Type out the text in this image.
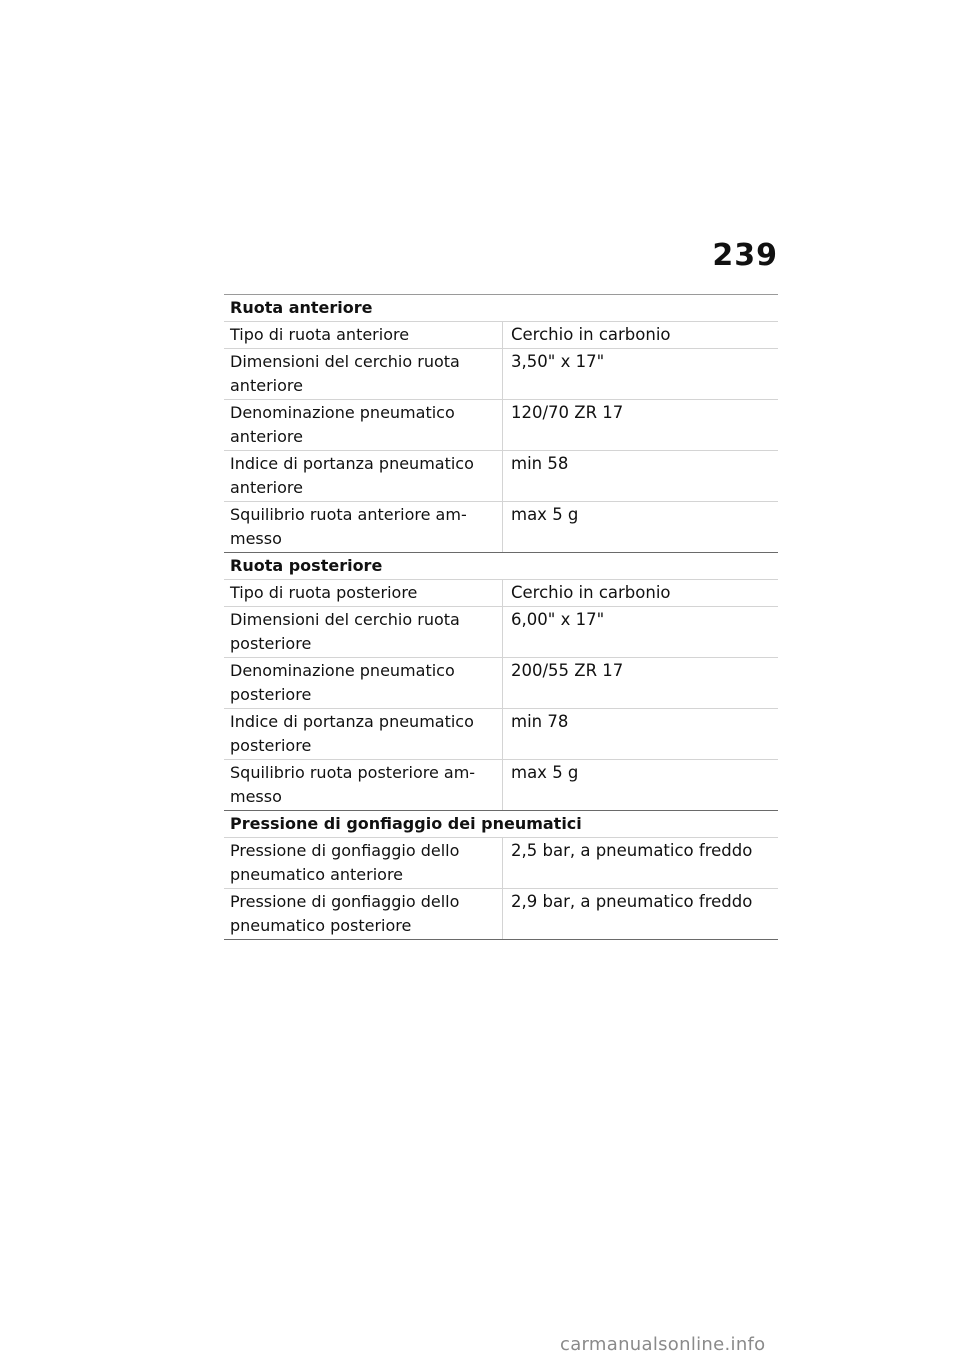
239
Ruota anteriore
Tipo di ruota anteriore	Cerchio in carbonio
Dimensioni del cerchio ruota anteriore
3,50" x 17"
Denominazione pneumatico anteriore
120/70 ZR 17
Indice di portanza pneumatico anteriore
min 58
Squilibrio ruota anteriore am-messo
max 5 g
Ruota posteriore
Tipo di ruota posteriore	Cerchio in carbonio
Dimensioni del cerchio ruota posteriore
6,00" x 17"
Denominazione pneumatico posteriore
200/55 ZR 17
Indice di portanza pneumatico posteriore
min 78
Squilibrio ruota posteriore am-messo
max 5 g
Pressione di gonfiaggio dei pneumatici
Pressione di gonfiaggio dello pneumatico anteriore
2,5 bar, a pneumatico freddo
Pressione di gonfiaggio dello pneumatico posteriore
2,9 bar, a pneumatico freddo
carmanualsonline.info
